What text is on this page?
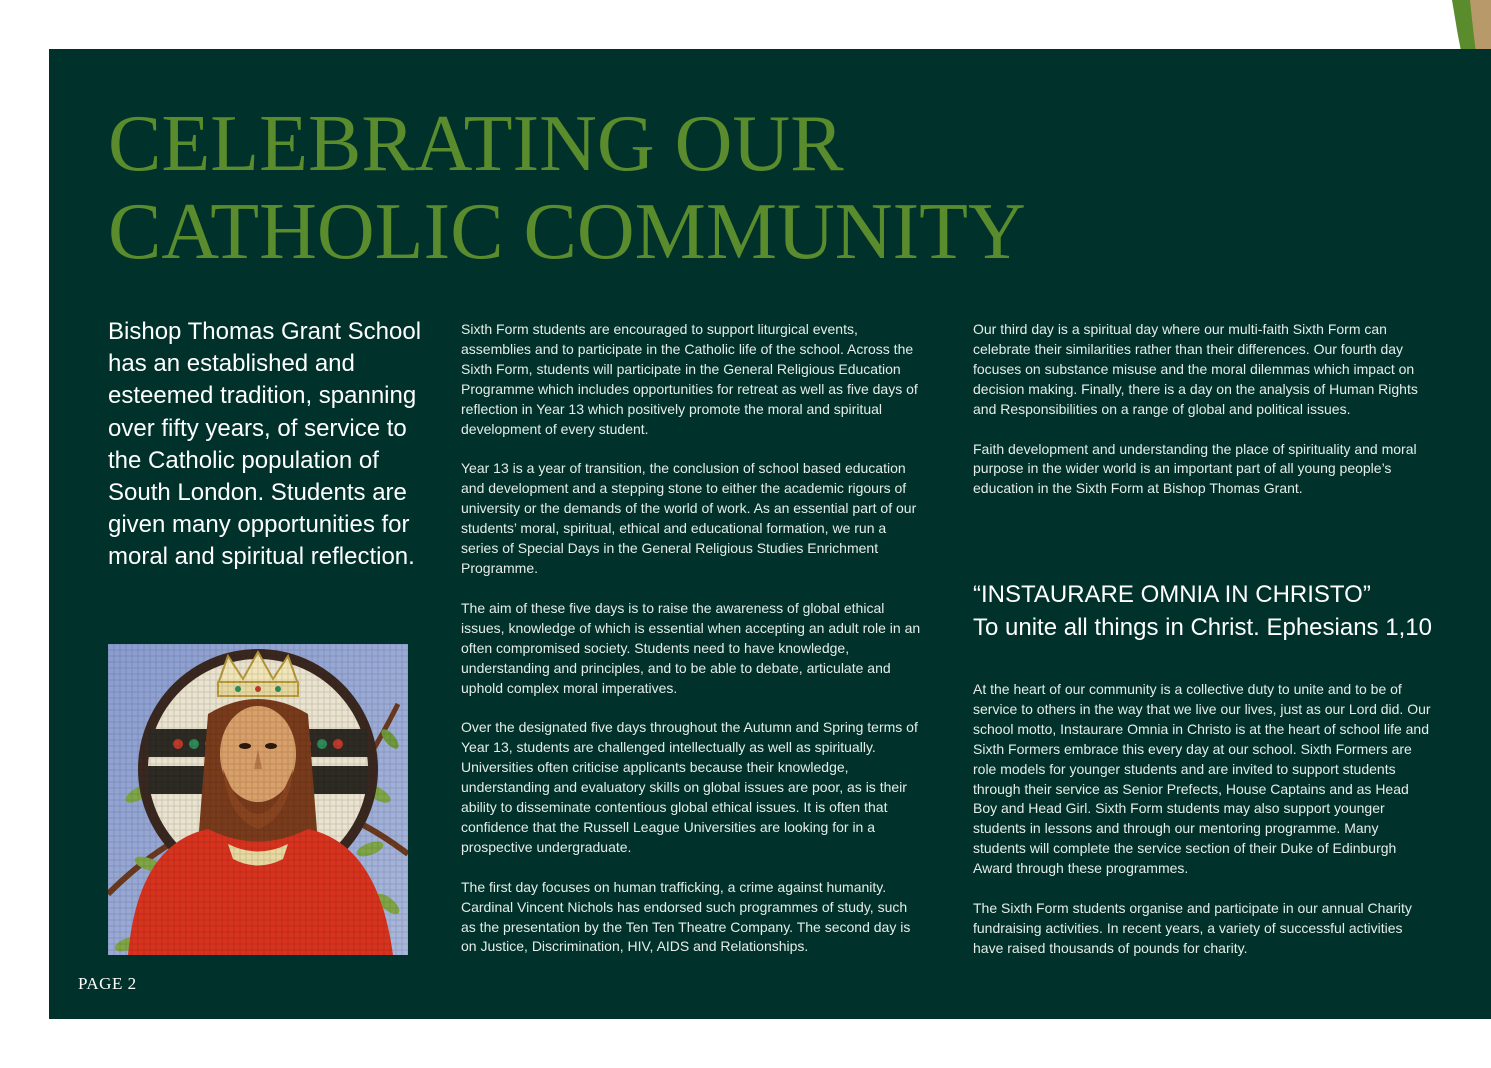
CELEBRATING OUR
CATHOLIC COMMUNITY
Bishop Thomas Grant School has an established and esteemed tradition, spanning over fifty years, of service to the Catholic population of South London. Students are given many opportunities for moral and spiritual reflection.

Sixth Form students are encouraged to support liturgical events, assemblies and to participate in the Catholic life of the school. Across the Sixth Form, students will participate in the General Religious Education Programme which includes opportunities for retreat as well as five days of reflection in Year 13 which positively promote the moral and spiritual development of every student.

Year 13 is a year of transition, the conclusion of school based education and development and a stepping stone to either the academic rigours of university or the demands of the world of work. As an essential part of our students’ moral, spiritual, ethical and educational formation, we run a series of Special Days in the General Religious Studies Enrichment Programme.

The aim of these five days is to raise the awareness of global ethical issues, knowledge of which is essential when accepting an adult role in an often compromised society. Students need to have knowledge, understanding and principles, and to be able to debate, articulate and uphold complex moral imperatives.

Over the designated five days throughout the Autumn and Spring terms of Year 13, students are challenged intellectually as well as spiritually. Universities often criticise applicants because their knowledge, understanding and evaluatory skills on global issues are poor, as is their ability to disseminate contentious global ethical issues. It is often that confidence that the Russell League Universities are looking for in a prospective undergraduate.

The first day focuses on human trafficking, a crime against humanity. Cardinal Vincent Nichols has endorsed such programmes of study, such as the presentation by the Ten Ten Theatre Company. The second day is on Justice, Discrimination, HIV, AIDS and Relationships.

Our third day is a spiritual day where our multi-faith Sixth Form can celebrate their similarities rather than their differences. Our fourth day focuses on substance misuse and the moral dilemmas which impact on decision making. Finally, there is a day on the analysis of Human Rights and Responsibilities on a range of global and political issues.

Faith development and understanding the place of spirituality and moral purpose in the wider world is an important part of all young people’s education in the Sixth Form at Bishop Thomas Grant.

“INSTAURARE OMNIA IN CHRISTO”
To unite all things in Christ. Ephesians 1,10

At the heart of our community is a collective duty to unite and to be of service to others in the way that we live our lives, just as our Lord did. Our school motto, Instaurare Omnia in Christo is at the heart of school life and Sixth Formers embrace this every day at our school. Sixth Formers are role models for younger students and are invited to support students through their service as Senior Prefects, House Captains and as Head Boy and Head Girl. Sixth Form students may also support younger students in lessons and through our mentoring programme. Many students will complete the service section of their Duke of Edinburgh Award through these programmes.

The Sixth Form students organise and participate in our annual Charity fundraising activities. In recent years, a variety of successful activities have raised thousands of pounds for charity.

PAGE 2
